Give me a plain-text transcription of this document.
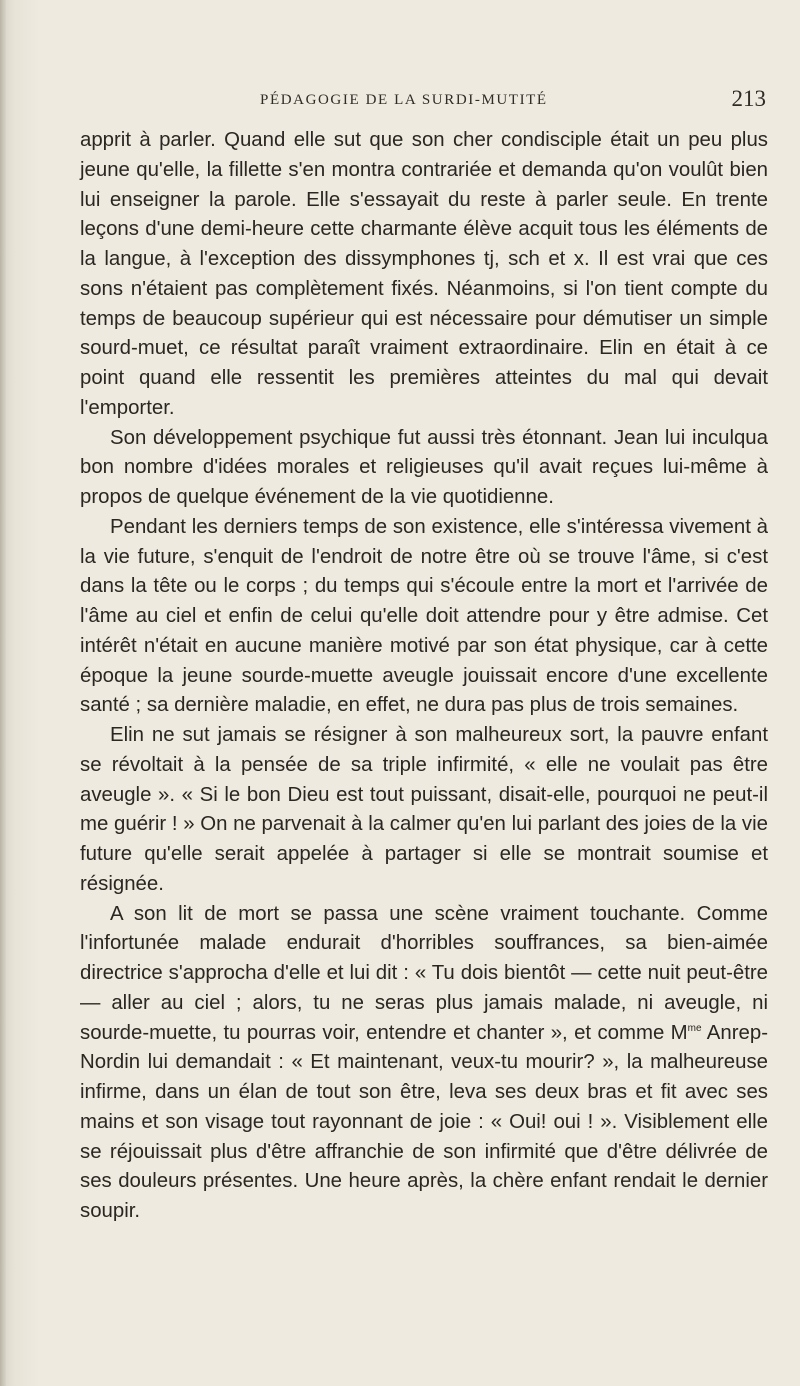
PÉDAGOGIE DE LA SURDI-MUTITÉ	213

apprit à parler. Quand elle sut que son cher condisciple était un peu plus jeune qu'elle, la fillette s'en montra contrariée et demanda qu'on voulût bien lui enseigner la parole. Elle s'essayait du reste à parler seule. En trente leçons d'une demi-heure cette charmante élève acquit tous les éléments de la langue, à l'exception des dissymphones tj, sch et x. Il est vrai que ces sons n'étaient pas complètement fixés. Néanmoins, si l'on tient compte du temps de beaucoup supérieur qui est nécessaire pour démutiser un simple sourd-muet, ce résultat paraît vraiment extraordinaire. Elin en était à ce point quand elle ressentit les premières atteintes du mal qui devait l'emporter.

Son développement psychique fut aussi très étonnant. Jean lui inculqua bon nombre d'idées morales et religieuses qu'il avait reçues lui-même à propos de quelque événement de la vie quotidienne.

Pendant les derniers temps de son existence, elle s'intéressa vivement à la vie future, s'enquit de l'endroit de notre être où se trouve l'âme, si c'est dans la tête ou le corps ; du temps qui s'écoule entre la mort et l'arrivée de l'âme au ciel et enfin de celui qu'elle doit attendre pour y être admise. Cet intérêt n'était en aucune manière motivé par son état physique, car à cette époque la jeune sourde-muette aveugle jouissait encore d'une excellente santé ; sa dernière maladie, en effet, ne dura pas plus de trois semaines.

Elin ne sut jamais se résigner à son malheureux sort, la pauvre enfant se révoltait à la pensée de sa triple infirmité, « elle ne voulait pas être aveugle ». « Si le bon Dieu est tout puissant, disait-elle, pourquoi ne peut-il me guérir ! » On ne parvenait à la calmer qu'en lui parlant des joies de la vie future qu'elle serait appelée à partager si elle se montrait soumise et résignée.

A son lit de mort se passa une scène vraiment touchante. Comme l'infortunée malade endurait d'horribles souffrances, sa bien-aimée directrice s'approcha d'elle et lui dit : « Tu dois bientôt — cette nuit peut-être — aller au ciel ; alors, tu ne seras plus jamais malade, ni aveugle, ni sourde-muette, tu pourras voir, entendre et chanter », et comme $M^{me}$ Anrep-Nordin lui demandait : « Et maintenant, veux-tu mourir? », la malheureuse infirme, dans un élan de tout son être, leva ses deux bras et fit avec ses mains et son visage tout rayonnant de joie : « Oui! oui ! ». Visiblement elle se réjouissait plus d'être affranchie de son infirmité que d'être délivrée de ses douleurs présentes. Une heure après, la chère enfant rendait le dernier soupir.
